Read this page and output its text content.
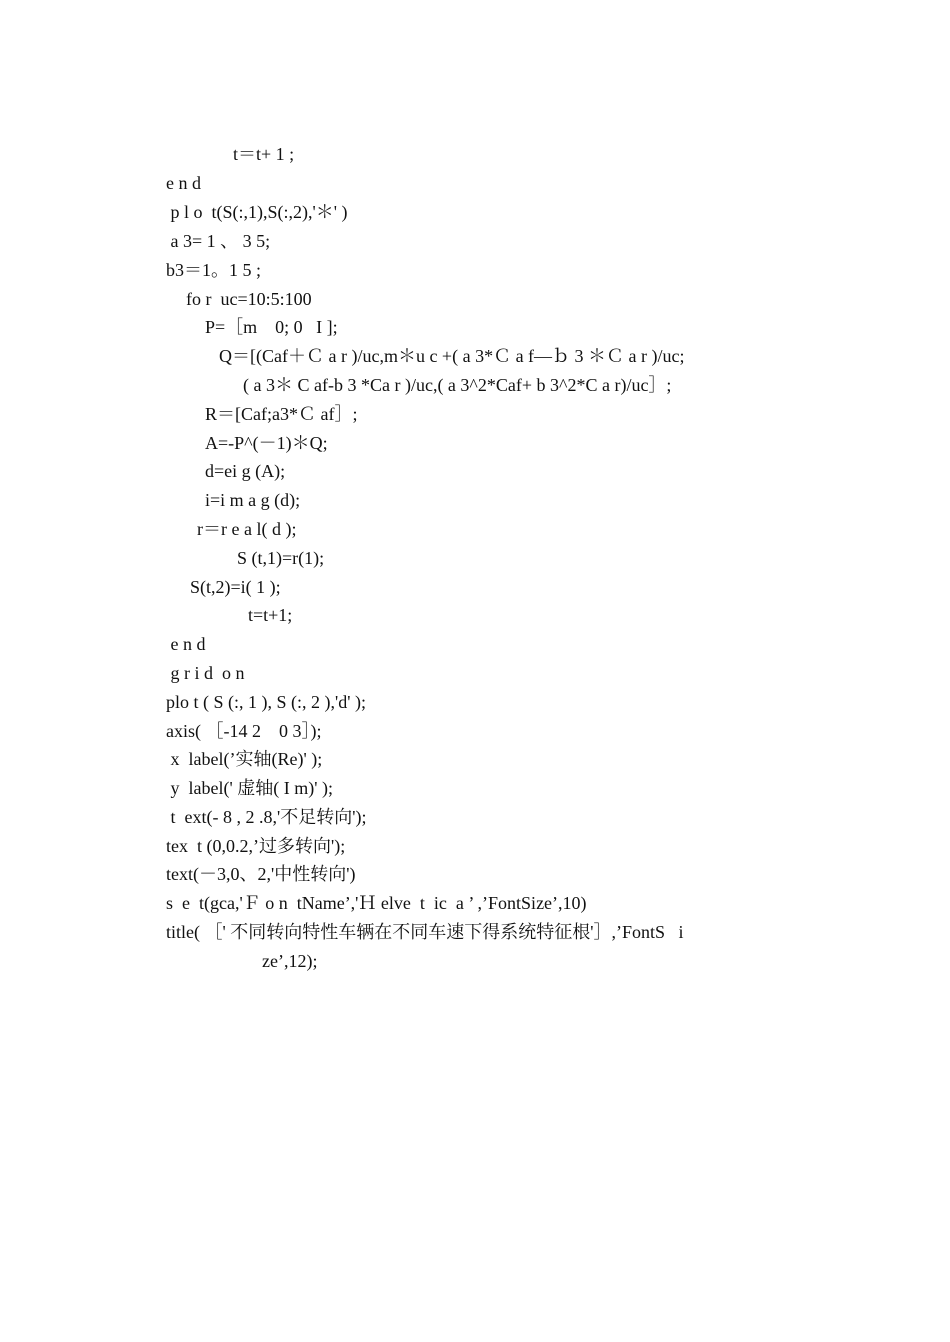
t＝t+ 1 ;
e n d
p l o  t(S(:,1),S(:,2),'＊' )
a 3= 1 、 3 5;
b3＝1。1 5 ;
fo r  uc=10:5:100
P=［m    0; 0   I ];
Q＝[(Caf＋Ｃ a r )/uc,m＊u c +( a 3*Ｃ a f—ｂ 3 ＊Ｃ a r )/uc;
( a 3＊ C af-b 3 *Ca r )/uc,( a 3^2*Caf+ b 3^2*C a r)/uc］;
R＝[Caf;a3*Ｃ af］;
A=-P^(－1)＊Q;
d=ei g (A);
i=i m a g (d);
r＝r e a l( d );
S (t,1)=r(1);
S(t,2)=i( 1 );
t=t+1;
e n d
g r i d  o n
plo t ( S (:, 1 ), S (:, 2 ),'d' );
axis( ［-14 2    0 3］);
x  label(’实轴(Re)' );
y  label(' 虚轴( I m)' );
t  ext(- 8 , 2 .8,'不足转向');
tex  t (0,0.2,’过多转向');
text(－3,0、2,'中性转向')
s  e  t(gca,'Ｆ o n  tName’,'Ｈ elve  t  ic  a ’ ,’FontSize’,10)
title( ［' 不同转向特性车辆在不同车速下得系统特征根'］,’FontS   i
ze’,12);
